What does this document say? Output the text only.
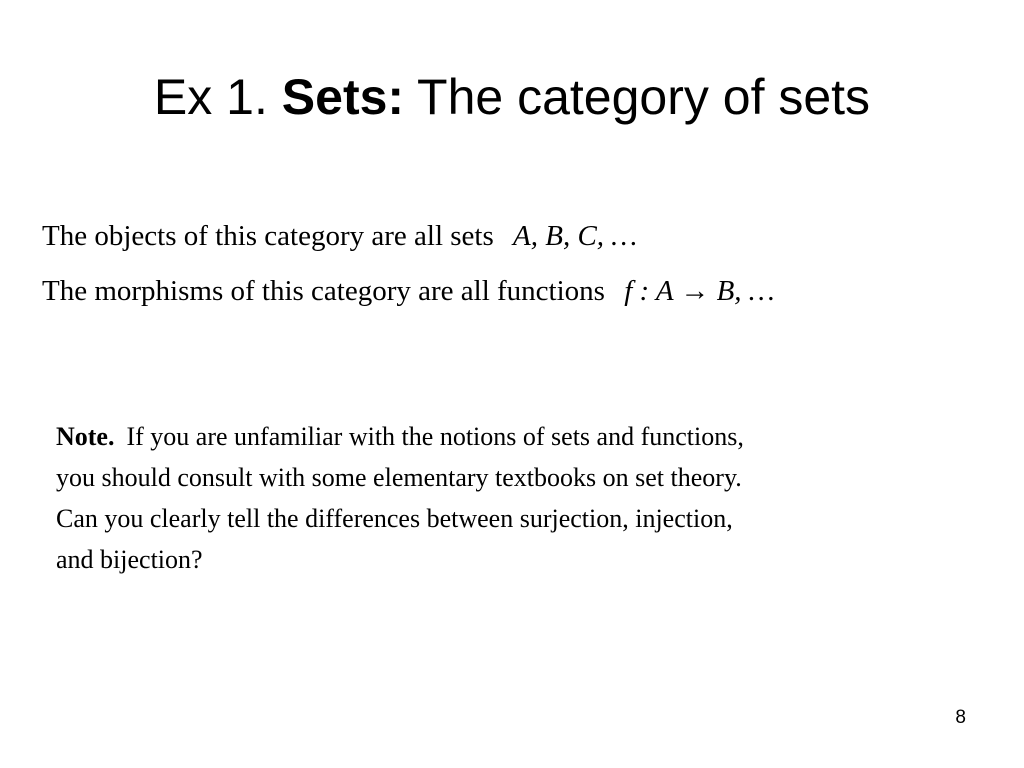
Ex 1. Sets: The category of sets
The objects of this category are all sets A, B, C, …
The morphisms of this category are all functions f : A → B, …
Note. If you are unfamiliar with the notions of sets and functions,
you should consult with some elementary textbooks on set theory.
Can you clearly tell the differences between surjection, injection,
and bijection?
8
